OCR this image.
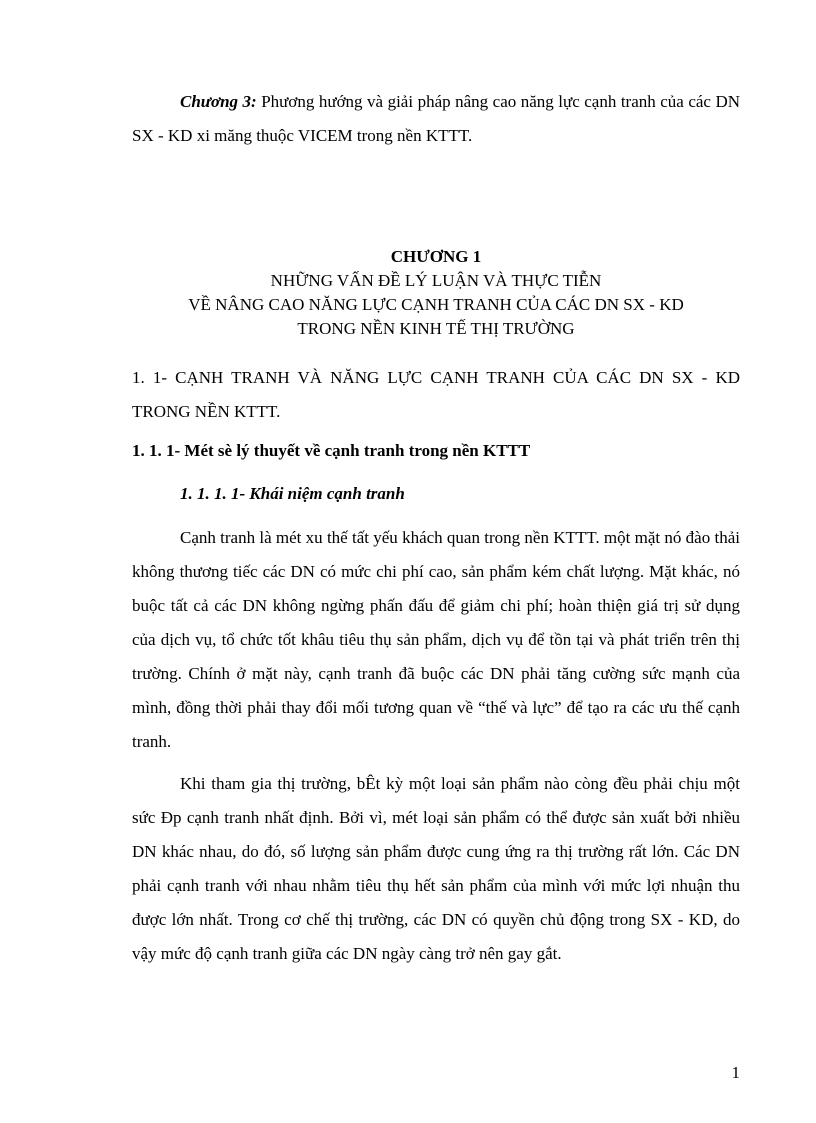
Chương 3: Phương hướng và giải pháp nâng cao năng lực cạnh tranh của các DN SX - KD xi măng thuộc VICEM trong nền KTTT.

CHƯƠNG 1
NHỮNG VẤN ĐỀ LÝ LUẬN VÀ THỰC TIỄN
VỀ NÂNG CAO NĂNG LỰC CẠNH TRANH CỦA CÁC DN SX - KD
TRONG NỀN KINH TẾ THỊ TRƯỜNG

1. 1- CẠNH TRANH VÀ NĂNG LỰC CẠNH TRANH CỦA CÁC DN SX - KD TRONG NỀN KTTT.

1. 1. 1- Mét sè lý thuyết về cạnh tranh trong nền KTTT

1. 1. 1. 1- Khái niệm cạnh tranh

Cạnh tranh là mét xu thế tất yếu khách quan trong nền KTTT. một mặt nó đào thải không thương tiếc các DN có mức chi phí cao, sản phẩm kém chất lượng. Mặt khác, nó buộc tất cả các DN không ngừng phấn đấu để giảm chi phí; hoàn thiện giá trị sử dụng của dịch vụ, tổ chức tốt khâu tiêu thụ sản phẩm, dịch vụ để tồn tại và phát triển trên thị trường. Chính ở mặt này, cạnh tranh đã buộc các DN phải tăng cường sức mạnh của mình, đồng thời phải thay đổi mối tương quan về “thế và lực” để tạo ra các ưu thế cạnh tranh.

Khi tham gia thị trường, bÊt kỳ một loại sản phẩm nào còng đều phải chịu một sức Ðp cạnh tranh nhất định. Bởi vì, mét loại sản phẩm có thể được sản xuất bởi nhiều DN khác nhau, do đó, số lượng sản phẩm được cung ứng ra thị trường rất lớn. Các DN phải cạnh tranh với nhau nhằm tiêu thụ hết sản phẩm của mình với mức lợi nhuận thu được lớn nhất. Trong cơ chế thị trường, các DN có quyền chủ động trong SX - KD, do vậy mức độ cạnh tranh giữa các DN ngày càng trở nên gay gắt.

1
